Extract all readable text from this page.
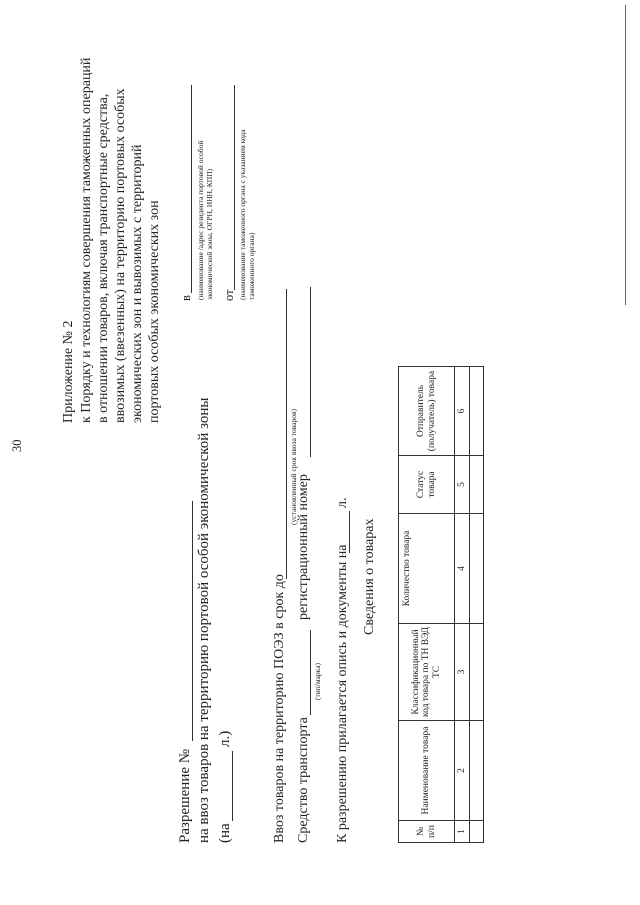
30
Приложение № 2 к Порядку и технологиям совершения таможенных операций в отношении товаров, включая транспортные средства, ввозимых (ввезенных) на территорию портовых особых экономических зон и вывозимых с территорий портовых особых экономических зон в (наименование /адрес резидента портовой особой экономической зоны, ОГРН, ИНН, КПП) от (наименование таможенного органа с указанием кода таможенного органа)
Разрешение № на ввоз товаров на территорию портовой особой экономической зоны (на
л.)	Ввоз товаров на территорию ПОЭЗ в срок до
(установленный срок ввоза товаров)
Средство транспорта
(тип/марка)
регистрационный номер К разрешению прилагается опись и документы на
л.
Сведения о товарах
№ п/п	Наименование товара	Классификационный код товара по ТН ВЭД ТС	Количество товара	Статус товара	Отправитель (получатель) товара
1	2	3	4	5	6
